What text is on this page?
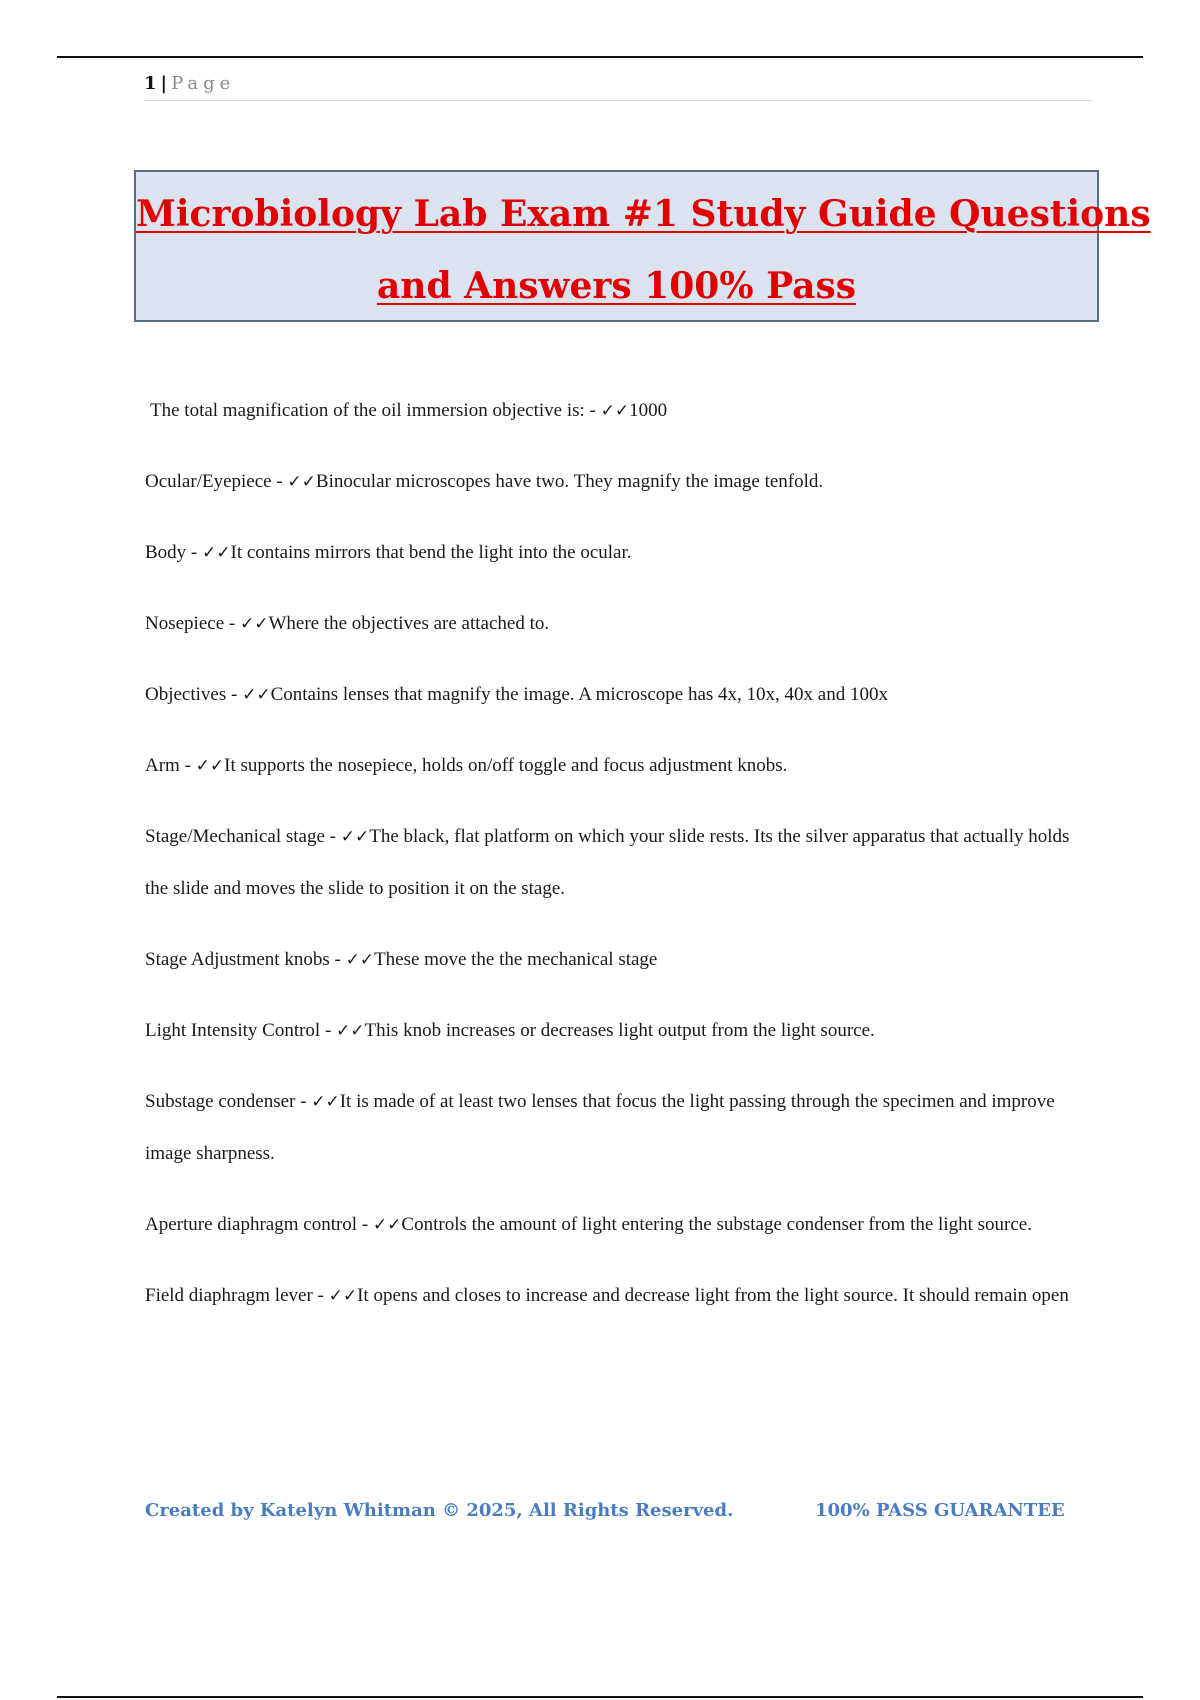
1 | Page
Microbiology Lab Exam #1 Study Guide Questions
and Answers 100% Pass

The total magnification of the oil immersion objective is: - ✓✓1000

Ocular/Eyepiece - ✓✓Binocular microscopes have two. They magnify the image tenfold.

Body - ✓✓It contains mirrors that bend the light into the ocular.

Nosepiece - ✓✓Where the objectives are attached to.

Objectives - ✓✓Contains lenses that magnify the image. A microscope has 4x, 10x, 40x and 100x

Arm - ✓✓It supports the nosepiece, holds on/off toggle and focus adjustment knobs.

Stage/Mechanical stage - ✓✓The black, flat platform on which your slide rests. Its the silver apparatus that actually holds the slide and moves the slide to position it on the stage.

Stage Adjustment knobs - ✓✓These move the the mechanical stage

Light Intensity Control - ✓✓This knob increases or decreases light output from the light source.

Substage condenser - ✓✓It is made of at least two lenses that focus the light passing through the specimen and improve image sharpness.

Aperture diaphragm control - ✓✓Controls the amount of light entering the substage condenser from the light source.

Field diaphragm lever - ✓✓It opens and closes to increase and decrease light from the light source. It should remain open

Created by Katelyn Whitman © 2025, All Rights Reserved.	100% PASS GUARANTEE
